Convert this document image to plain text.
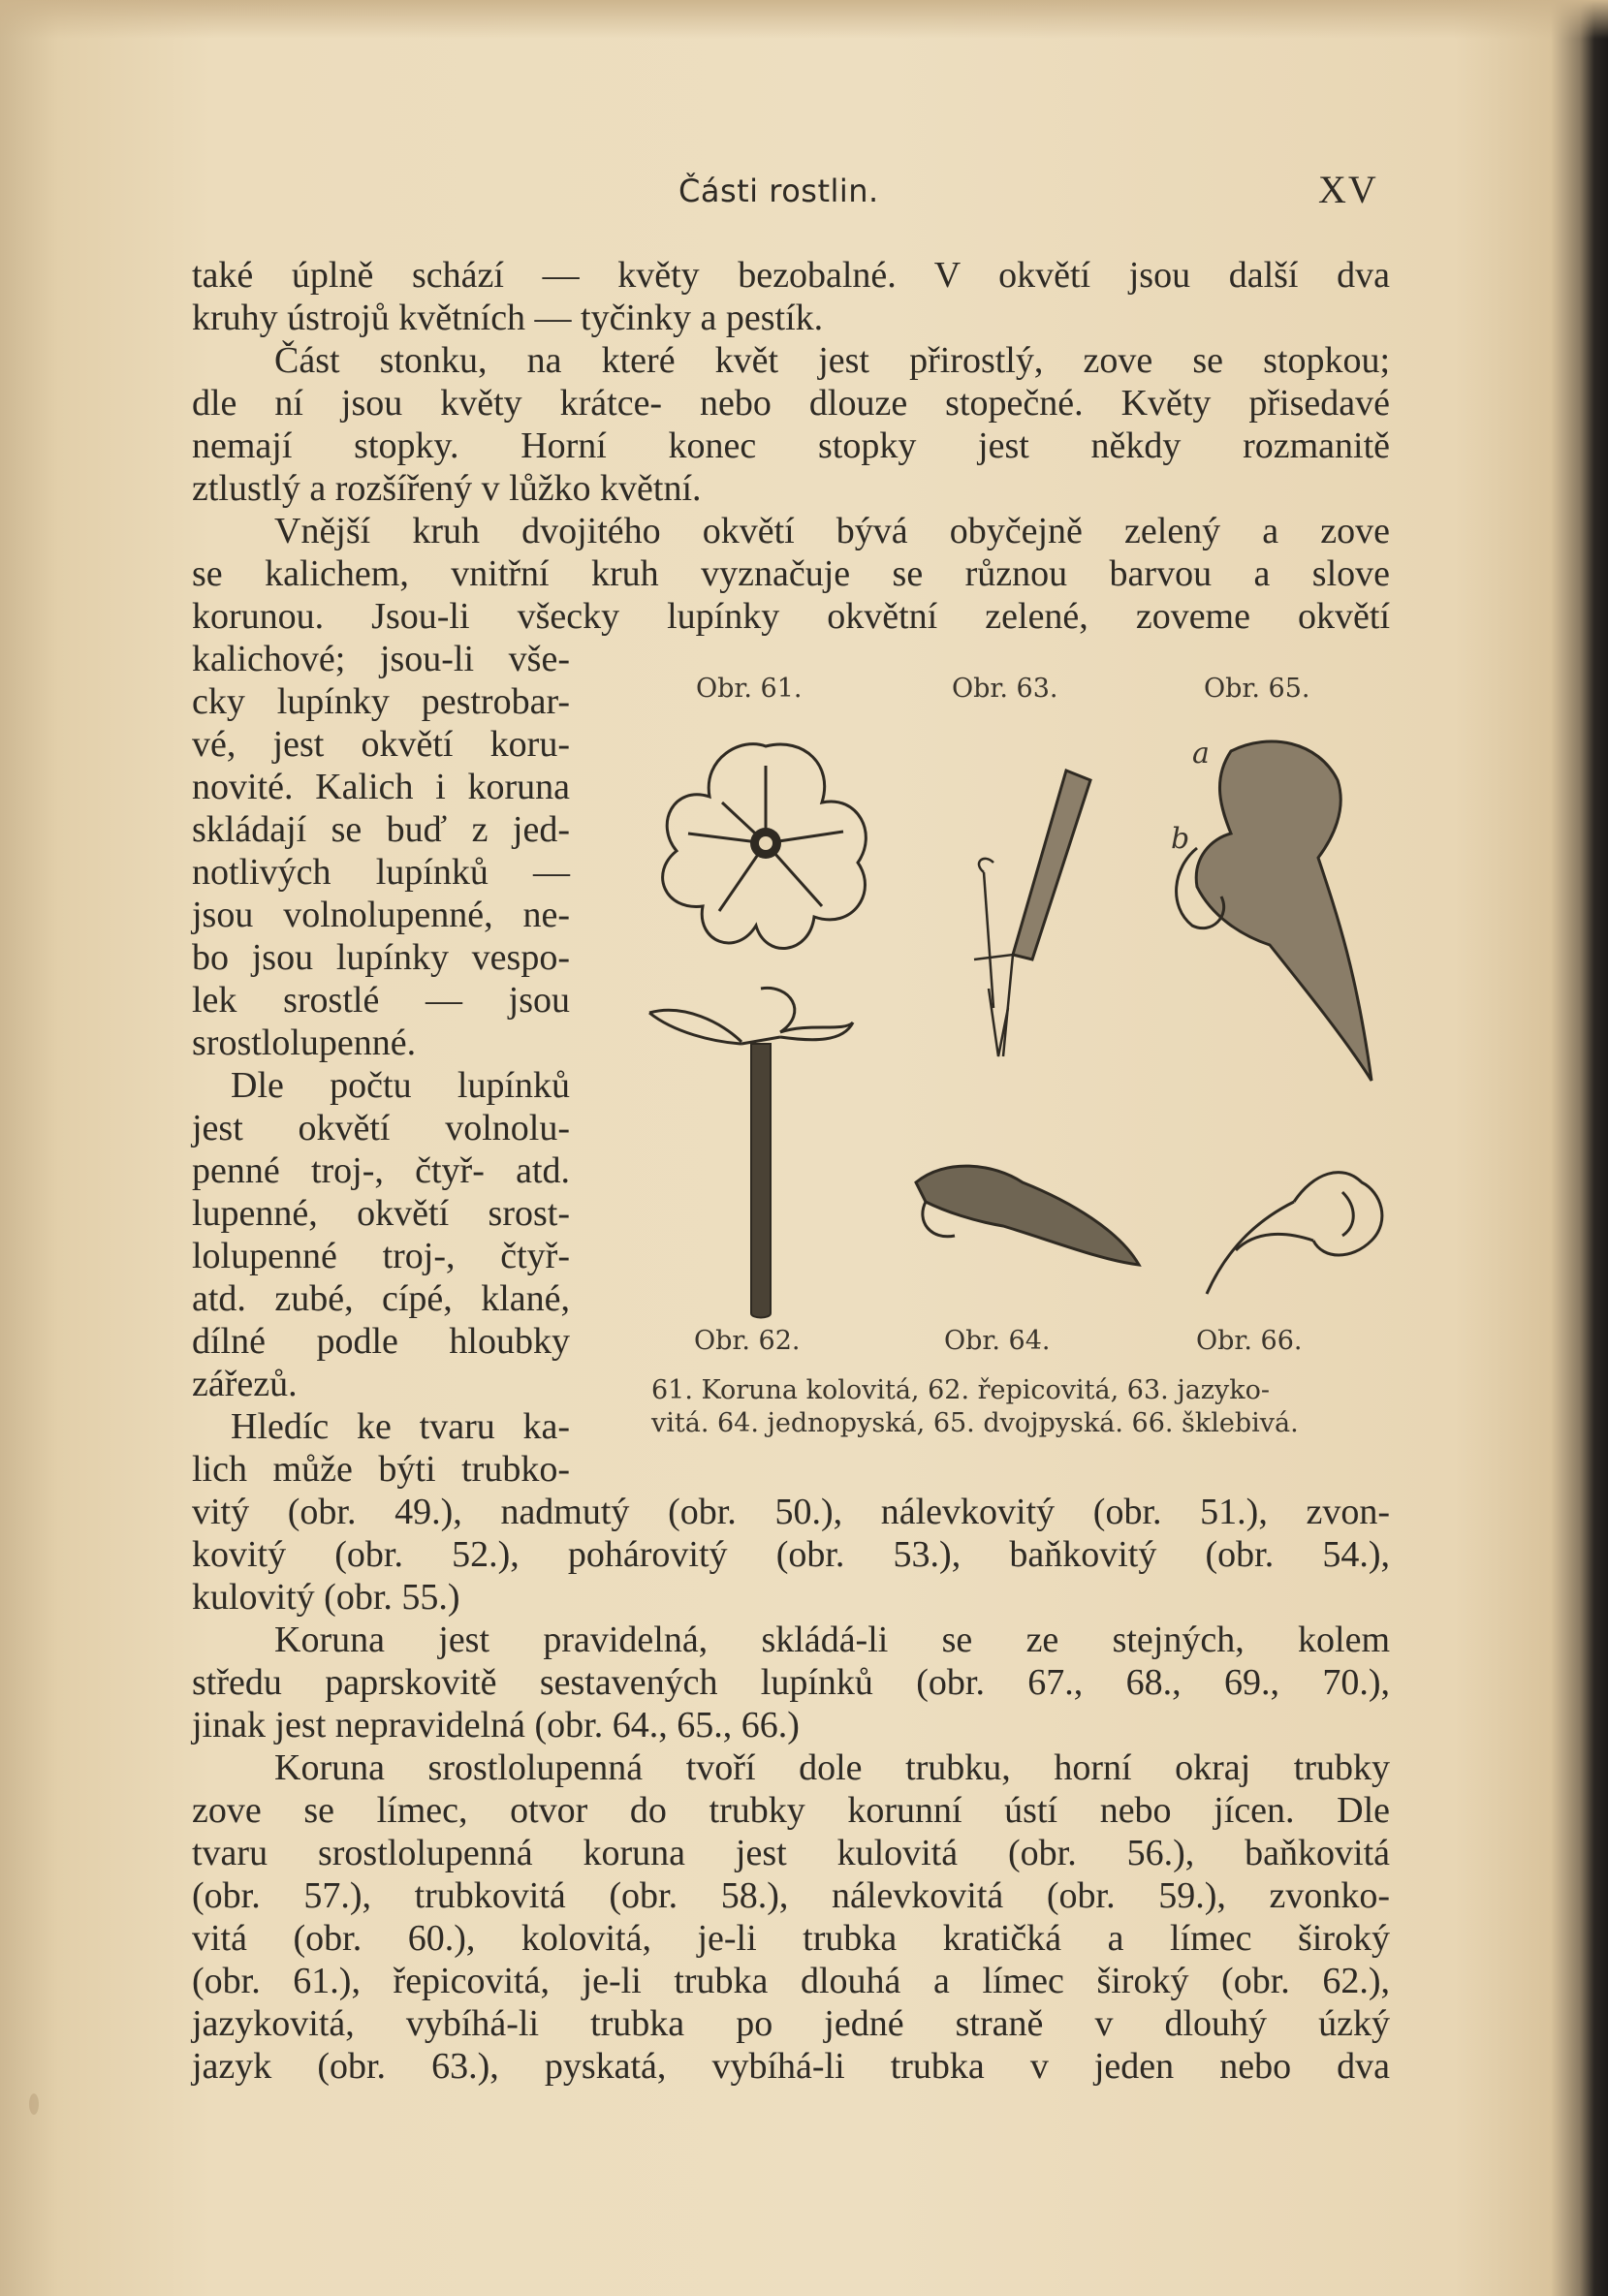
Části rostlin.	XV
také úplně schází — květy bezobalné. V okvětí jsou další dva
kruhy ústrojů květních — tyčinky a pestík.
Část stonku, na které květ jest přirostlý, zove se stopkou;
dle ní jsou květy krátce- nebo dlouze stopečné. Květy přisedavé
nemají stopky. Horní konec stopky jest někdy rozmanitě
ztlustlý a rozšířený v lůžko květní.
Vnější kruh dvojitého okvětí bývá obyčejně zelený a zove
se kalichem, vnitřní kruh vyznačuje se různou barvou a slove
korunou. Jsou-li všecky lupínky okvětní zelené, zoveme okvětí
kalichové; jsou-li vše-
cky lupínky pestrobar-
vé, jest okvětí koru-
novité. Kalich i koruna
skládají se buď z jed-
notlivých lupínků —
jsou volnolupenné, ne-
bo jsou lupínky vespo-
lek srostlé — jsou
srostlolupenné.
Dle počtu lupínků
jest okvětí volnolu-
penné troj-, čtyř- atd.
lupenné, okvětí srost-
lolupenné troj-, čtyř-
atd. zubé, cípé, klané,
dílné podle hloubky
zářezů.
Hledíc ke tvaru ka-
lich může býti trubko-
vitý (obr. 49.), nadmutý (obr. 50.), nálevkovitý (obr. 51.), zvon-
kovitý (obr. 52.), pohárovitý (obr. 53.), baňkovitý (obr. 54.),
kulovitý (obr. 55.)
Koruna jest pravidelná, skládá-li se ze stejných, kolem
středu paprskovitě sestavených lupínků (obr. 67., 68., 69., 70.),
jinak jest nepravidelná (obr. 64., 65., 66.)
Koruna srostlolupenná tvoří dole trubku, horní okraj trubky
zove se límec, otvor do trubky korunní ústí nebo jícen. Dle
tvaru srostlolupenná koruna jest kulovitá (obr. 56.), baňkovitá
(obr. 57.), trubkovitá (obr. 58.), nálevkovitá (obr. 59.), zvonko-
vitá (obr. 60.), kolovitá, je-li trubka kratičká a límec široký
(obr. 61.), řepicovitá, je-li trubka dlouhá a límec široký (obr. 62.),
jazykovitá, vybíhá-li trubka po jedné straně v dlouhý úzký
jazyk (obr. 63.), pyskatá, vybíhá-li trubka v jeden nebo dva
Obr. 61.	Obr. 63.	Obr. 65.
Obr. 62.	Obr. 64.	Obr. 66.
61. Koruna kolovitá, 62. řepicovitá, 63. jazyko-
vitá. 64. jednopyská, 65. dvojpyská. 66. šklebivá.
a
b
